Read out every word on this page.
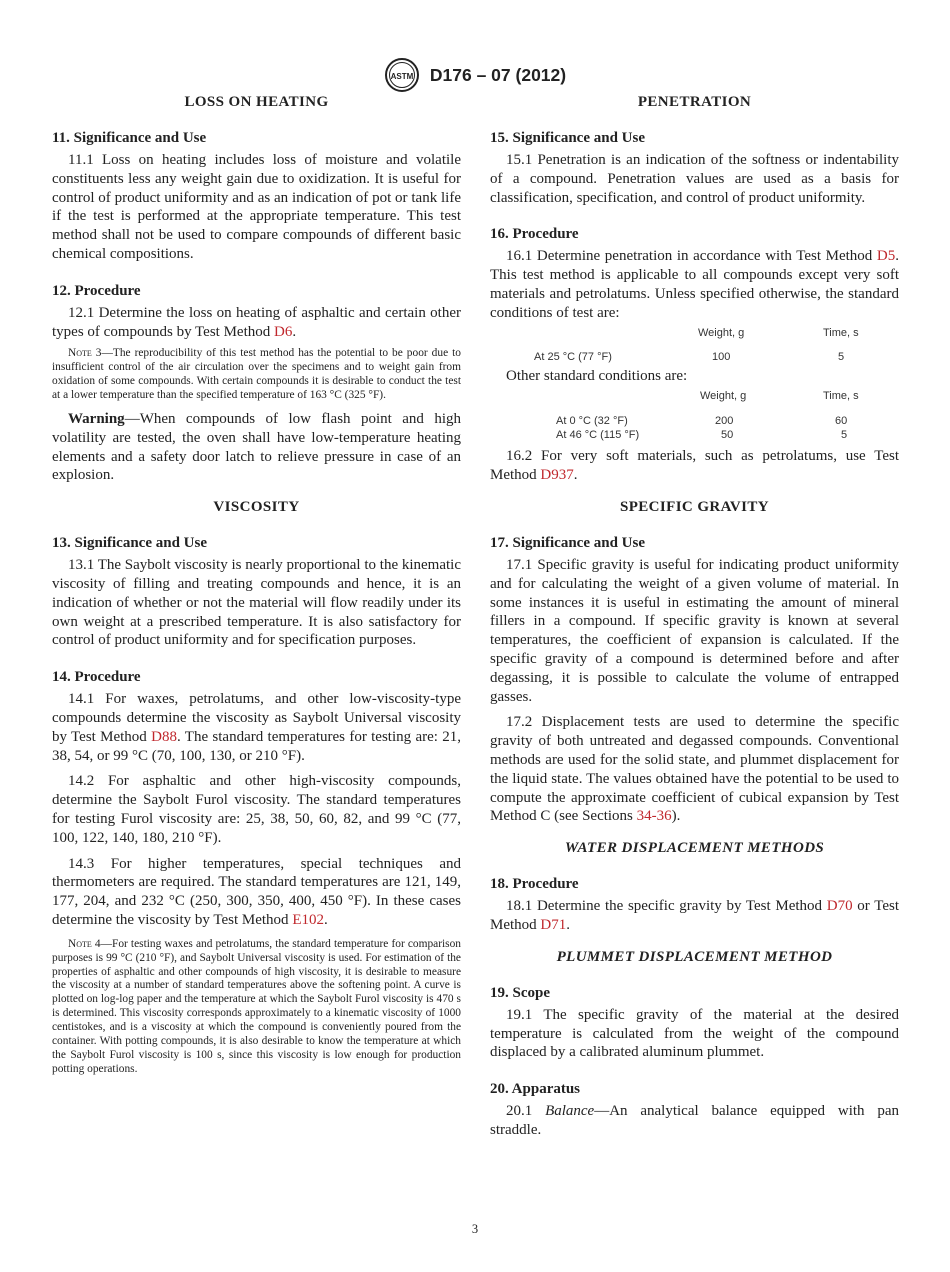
ASTM D176 – 07 (2012)
LOSS ON HEATING
11. Significance and Use

11.1 Loss on heating includes loss of moisture and volatile constituents less any weight gain due to oxidization. It is useful for control of product uniformity and as an indication of pot or tank life if the test is performed at the appropriate temperature. This test method shall not be used to compare compounds of different basic chemical compositions.

12. Procedure

12.1 Determine the loss on heating of asphaltic and certain other types of compounds by Test Method D6.

Note 3—The reproducibility of this test method has the potential to be poor due to insufficient control of the air circulation over the specimens and to weight gain from oxidation of some compounds. With certain compounds it is desirable to conduct the test at a lower temperature than the specified temperature of 163 °C (325 °F).

Warning—When compounds of low flash point and high volatility are tested, the oven shall have low-temperature heating elements and a safety door latch to relieve pressure in case of an explosion.

VISCOSITY
13. Significance and Use

13.1 The Saybolt viscosity is nearly proportional to the kinematic viscosity of filling and treating compounds and hence, it is an indication of whether or not the material will flow readily under its own weight at a prescribed temperature. It is also satisfactory for control of product uniformity and for specification purposes.

14. Procedure

14.1 For waxes, petrolatums, and other low-viscosity-type compounds determine the viscosity as Saybolt Universal viscosity by Test Method D88. The standard temperatures for testing are: 21, 38, 54, or 99 °C (70, 100, 130, or 210 °F).

14.2 For asphaltic and other high-viscosity compounds, determine the Saybolt Furol viscosity. The standard temperatures for testing Furol viscosity are: 25, 38, 50, 60, 82, and 99 °C (77, 100, 122, 140, 180, 210 °F).

14.3 For higher temperatures, special techniques and thermometers are required. The standard temperatures are 121, 149, 177, 204, and 232 °C (250, 300, 350, 400, 450 °F). In these cases determine the viscosity by Test Method E102.

Note 4—For testing waxes and petrolatums, the standard temperature for comparison purposes is 99 °C (210 °F), and Saybolt Universal viscosity is used. For estimation of the properties of asphaltic and other compounds of high viscosity, it is desirable to measure the viscosity at a number of standard temperatures above the softening point. A curve is plotted on log-log paper and the temperature at which the Saybolt Furol viscosity is 470 s is determined. This viscosity corresponds approximately to a kinematic viscosity of 1000 centistokes, and is a viscosity at which the compound is conveniently poured from the container. With potting compounds, it is also desirable to know the temperature at which the Saybolt Furol viscosity is 100 s, since this viscosity is low enough for production potting operations.

PENETRATION
15. Significance and Use

15.1 Penetration is an indication of the softness or indentability of a compound. Penetration values are used as a basis for classification, specification, and control of product uniformity.

16. Procedure

16.1 Determine penetration in accordance with Test Method D5. This test method is applicable to all compounds except very soft materials and petrolatums. Unless specified otherwise, the standard conditions of test are:

Weight, g	Time, s
At 25 °C (77 °F)	100	5

Other standard conditions are:

Weight, g	Time, s
At 0 °C (32 °F)	200	60
At 46 °C (115 °F)	50	5

16.2 For very soft materials, such as petrolatums, use Test Method D937.

SPECIFIC GRAVITY
17. Significance and Use

17.1 Specific gravity is useful for indicating product uniformity and for calculating the weight of a given volume of material. In some instances it is useful in estimating the amount of mineral fillers in a compound. If specific gravity is known at several temperatures, the coefficient of expansion is calculated. If the specific gravity of a compound is determined before and after degassing, it is possible to calculate the volume of entrapped gasses.

17.2 Displacement tests are used to determine the specific gravity of both untreated and degassed compounds. Conventional methods are used for the solid state, and plummet displacement for the liquid state. The values obtained have the potential to be used to compute the approximate coefficient of cubical expansion by Test Method C (see Sections 34-36).

WATER DISPLACEMENT METHODS
18. Procedure

18.1 Determine the specific gravity by Test Method D70 or Test Method D71.

PLUMMET DISPLACEMENT METHOD
19. Scope

19.1 The specific gravity of the material at the desired temperature is calculated from the weight of the compound displaced by a calibrated aluminum plummet.

20. Apparatus

20.1 Balance—An analytical balance equipped with pan straddle.

3
